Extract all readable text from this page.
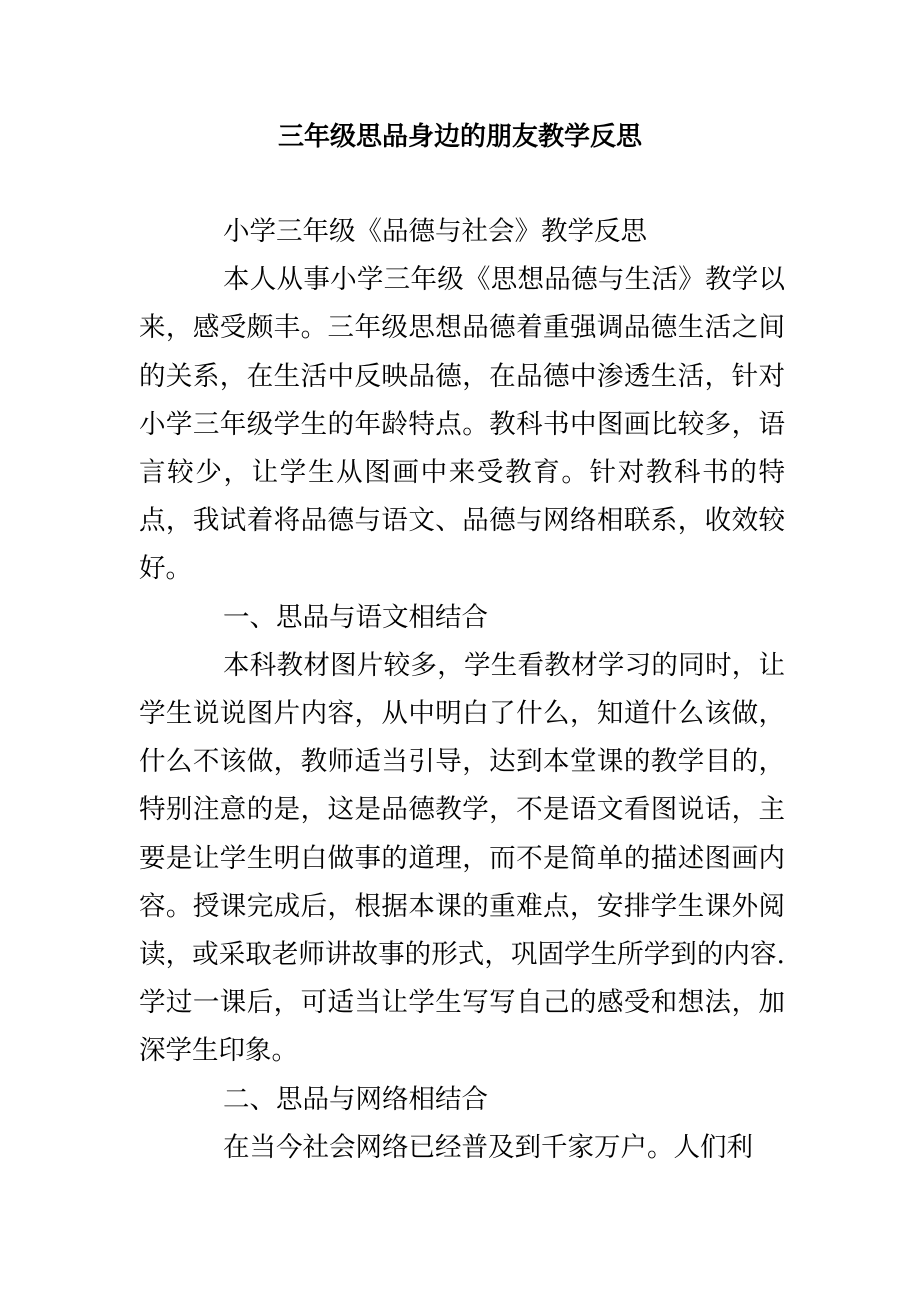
三年级思品身边的朋友教学反思

小学三年级《品德与社会》教学反思

本人从事小学三年级《思想品德与生活》教学以来，感受颇丰。三年级思想品德着重强调品德生活之间的关系，在生活中反映品德，在品德中渗透生活，针对小学三年级学生的年龄特点。教科书中图画比较多，语言较少，让学生从图画中来受教育。针对教科书的特点，我试着将品德与语文、品德与网络相联系，收效较好。

一、思品与语文相结合

本科教材图片较多，学生看教材学习的同时，让学生说说图片内容，从中明白了什么，知道什么该做，什么不该做，教师适当引导，达到本堂课的教学目的，特别注意的是，这是品德教学，不是语文看图说话，主要是让学生明白做事的道理，而不是简单的描述图画内容。授课完成后，根据本课的重难点，安排学生课外阅读，或采取老师讲故事的形式，巩固学生所学到的内容.学过一课后，可适当让学生写写自己的感受和想法，加深学生印象。

二、思品与网络相结合

在当今社会网络已经普及到千家万户。人们利
